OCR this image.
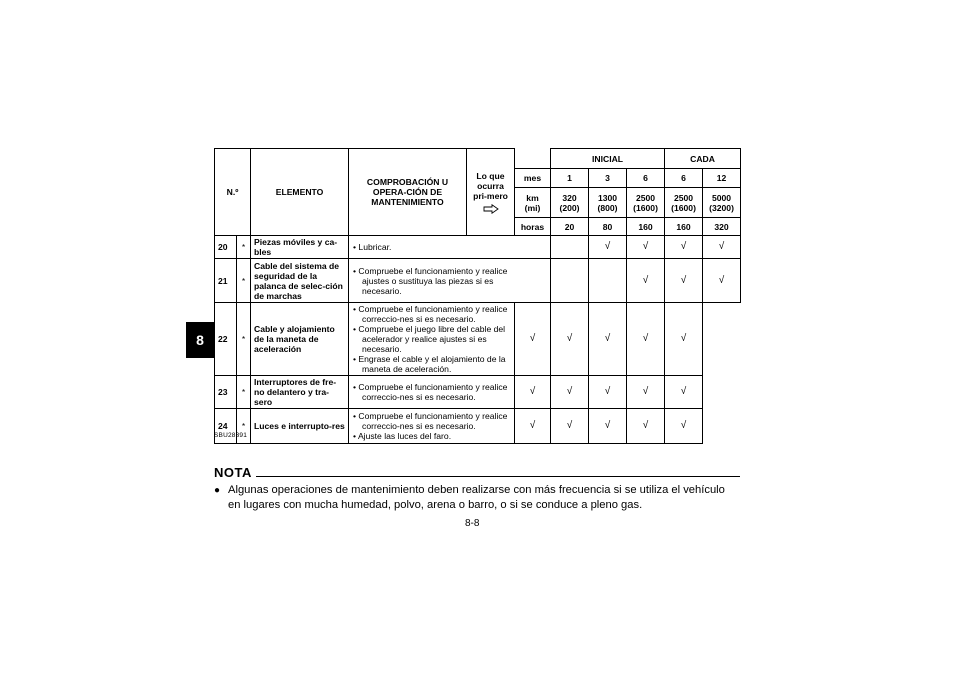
8
N.º		ELEMENTO	COMPROBACIÓN U OPERA-CIÓN DE MANTENIMIENTO	Lo que ocurra pri-mero		INICIAL			CADA	
					mes	1	3	6	6	12
					km (mi)	320 (200)	1300 (800)	2500 (1600)	2500 (1600)	5000 (3200)
					horas	20	80	160	160	320
20	*	Piezas móviles y ca-bles	• Lubricar.				√	√	√	√
21	*	Cable del sistema de seguridad de la palanca de selec-ción de marchas	• Compruebe el funcionamiento y realice ajustes o sustituya las piezas si es necesario.					√	√	√
22	*	Cable y alojamiento de la maneta de aceleración	• Compruebe el funcionamiento y realice correccio-nes si es necesario.
• Compruebe el juego libre del cable del acelerador y realice ajustes si es necesario.
• Engrase el cable y el alojamiento de la maneta de aceleración.		√	√	√	√	√	
23	*	Interruptores de fre-no delantero y tra-sero	• Compruebe el funcionamiento y realice correccio-nes si es necesario.		√	√	√	√	√	
24	*	Luces e interrupto-res	• Compruebe el funcionamiento y realice correccio-nes si es necesario.
• Ajuste las luces del faro.		√	√	√	√	√	
SBU28391
NOTA
● Algunas operaciones de mantenimiento deben realizarse con más frecuencia si se utiliza el vehículo en lugares con mucha humedad, polvo, arena o barro, o si se conduce a pleno gas.
8-8
